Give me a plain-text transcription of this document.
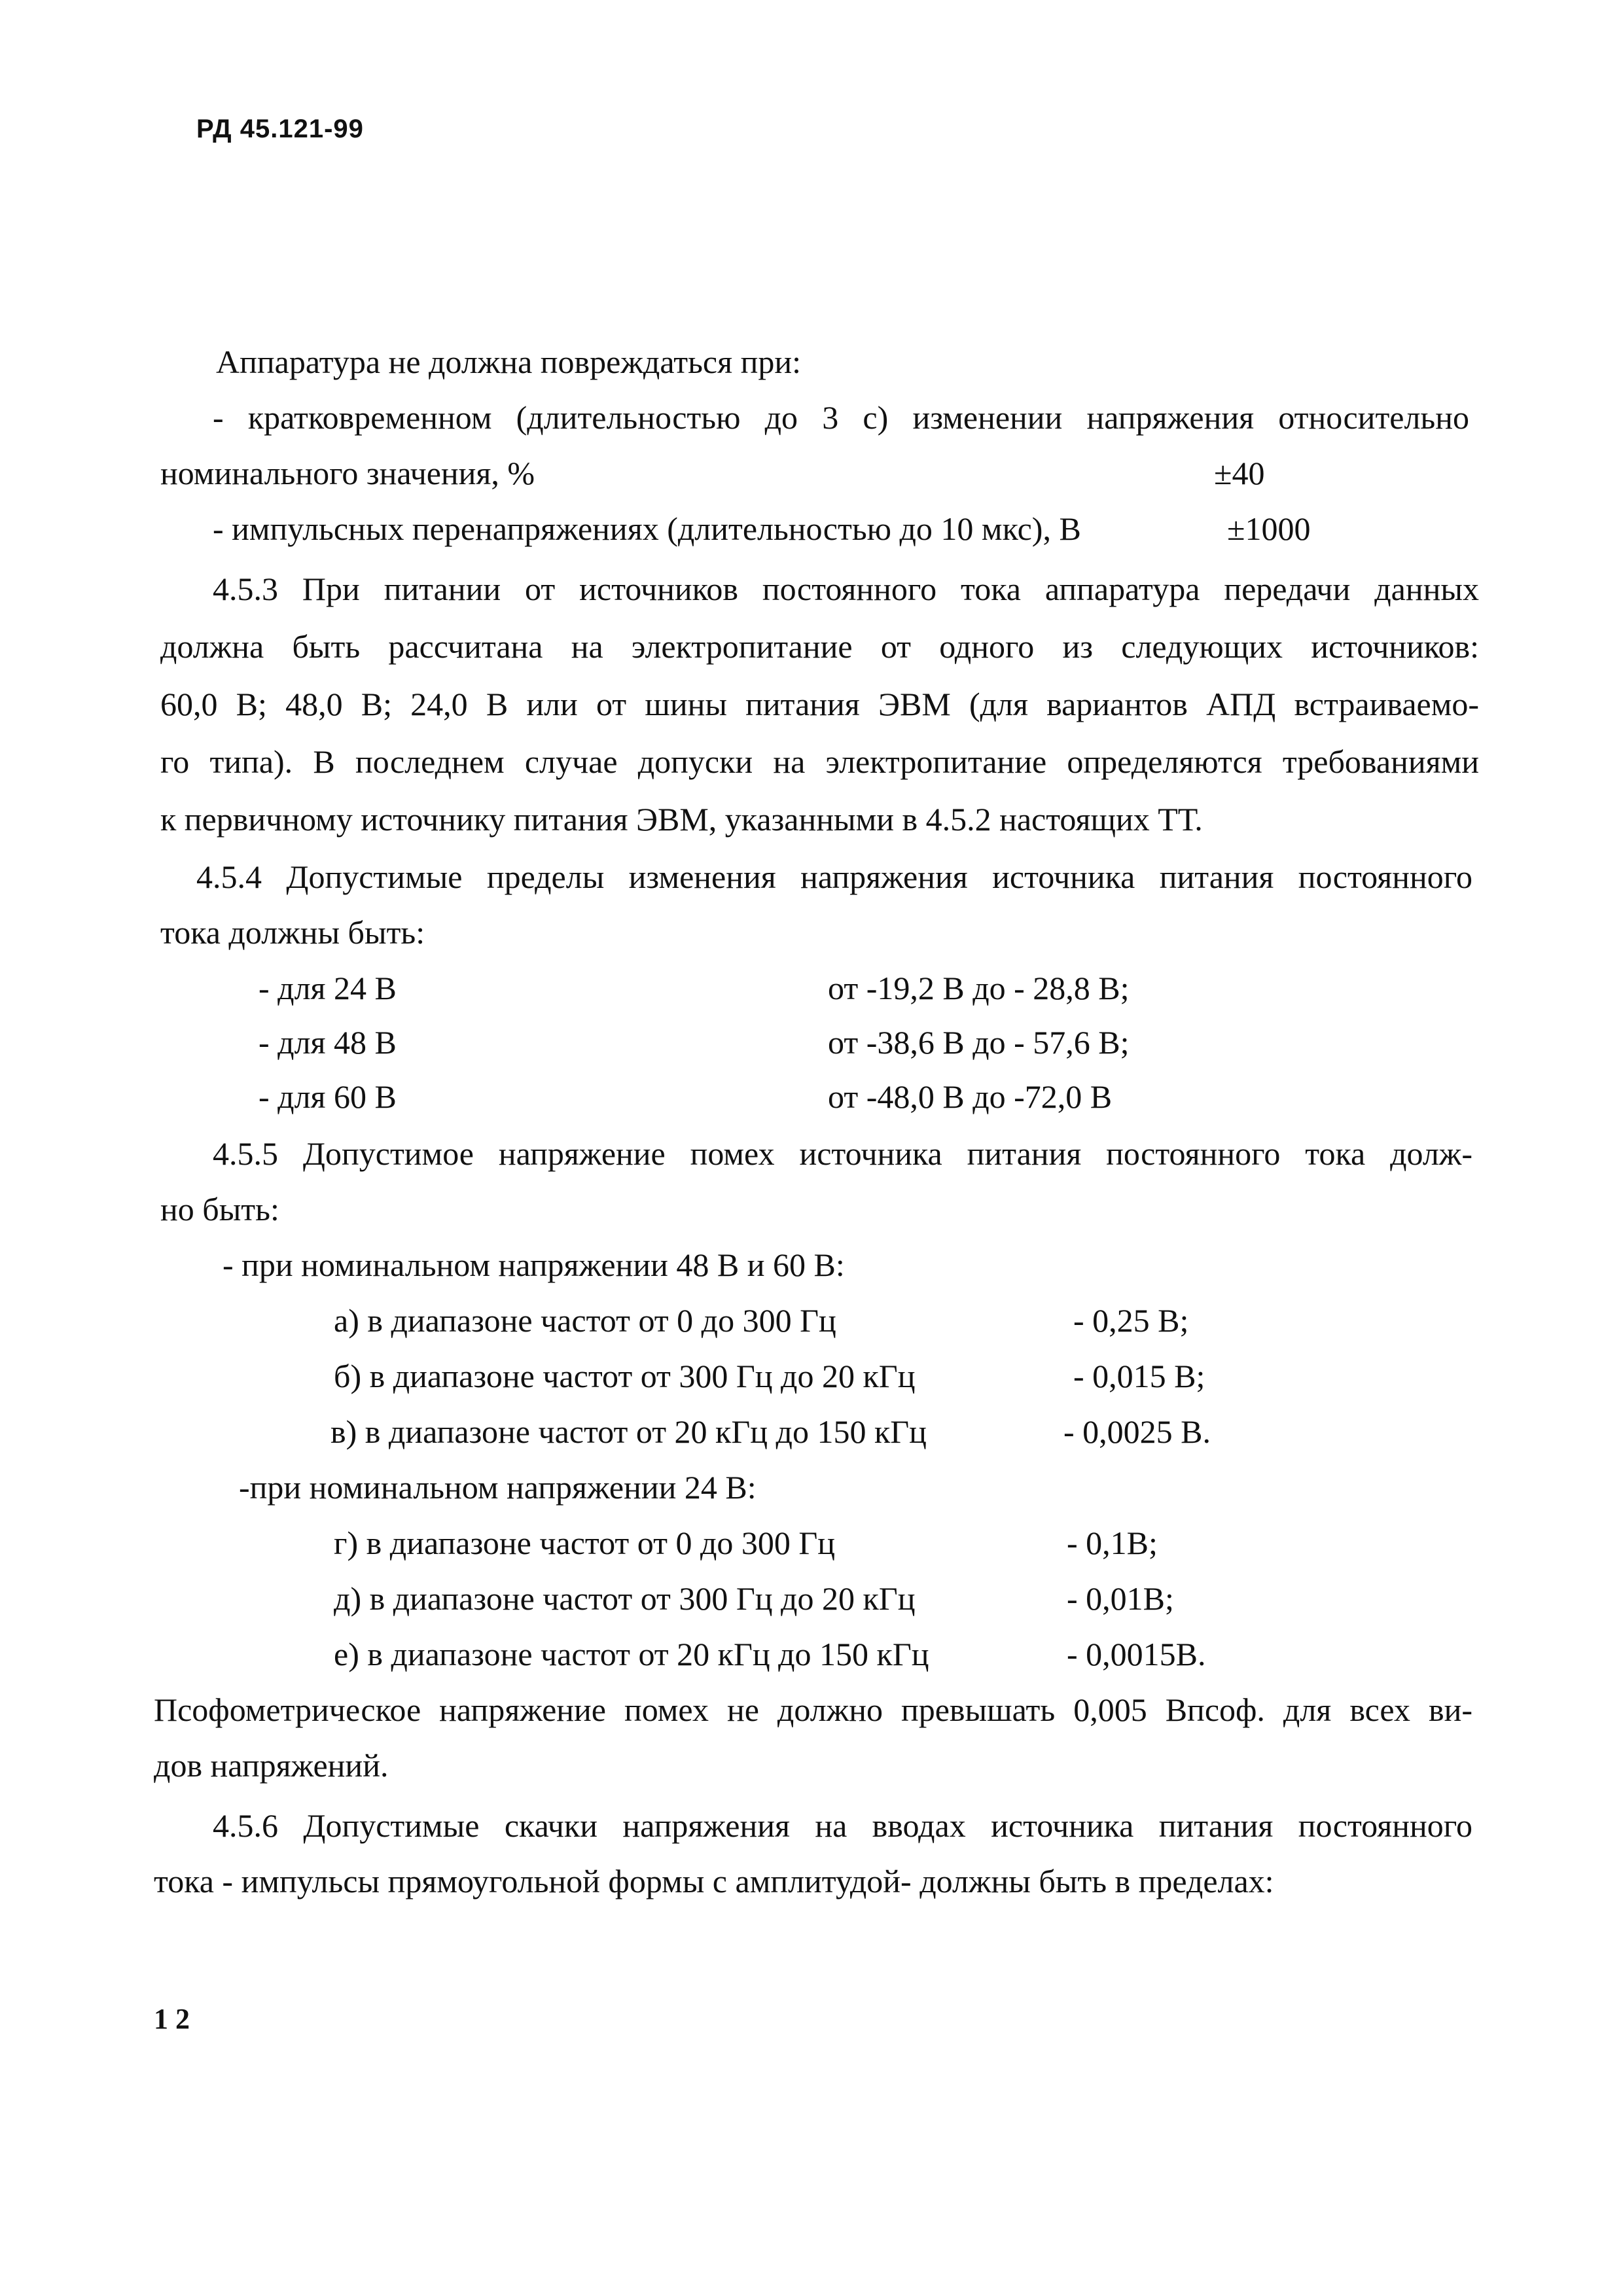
РД 45.121-99
Аппаратура не должна повреждаться при:
- кратковременном (длительностью до 3 с) изменении напряжения относительно
номинального значения, %	±40
- импульсных перенапряжениях (длительностью до 10 мкс), В	±1000
4.5.3 При питании от источников постоянного тока аппаратура передачи данных
должна быть рассчитана на электропитание от одного из следующих источников:
60,0 В; 48,0 В; 24,0 В или от шины питания ЭВМ (для вариантов АПД встраиваемо-
го типа). В последнем случае допуски на электропитание определяются требованиями
к первичному источнику питания ЭВМ, указанными в 4.5.2 настоящих ТТ.
4.5.4 Допустимые пределы изменения напряжения источника питания постоянного
тока должны быть:
- для 24 В	от -19,2 В до - 28,8 В;
- для 48 В	от -38,6 В до - 57,6 В;
- для 60 В	от -48,0 В до -72,0 В
4.5.5 Допустимое напряжение помех источника питания постоянного тока долж-
но быть:
- при номинальном напряжении 48 В и 60 В:
а) в диапазоне частот от 0 до 300 Гц	- 0,25 В;
б) в диапазоне частот от 300 Гц до 20 кГц	- 0,015 В;
в) в диапазоне частот от 20 кГц до 150 кГц	- 0,0025 В.
-при номинальном напряжении 24 В:
г) в диапазоне частот от 0 до 300 Гц	- 0,1В;
д) в диапазоне частот от 300 Гц до 20 кГц	- 0,01В;
е) в диапазоне частот от 20 кГц до 150 кГц	- 0,0015В.
Псофометрическое напряжение помех не должно превышать 0,005 Впсоф. для всех ви-
дов напряжений.
4.5.6 Допустимые скачки напряжения на вводах источника питания постоянного
тока - импульсы прямоугольной формы с амплитудой- должны быть в пределах:
1 2
